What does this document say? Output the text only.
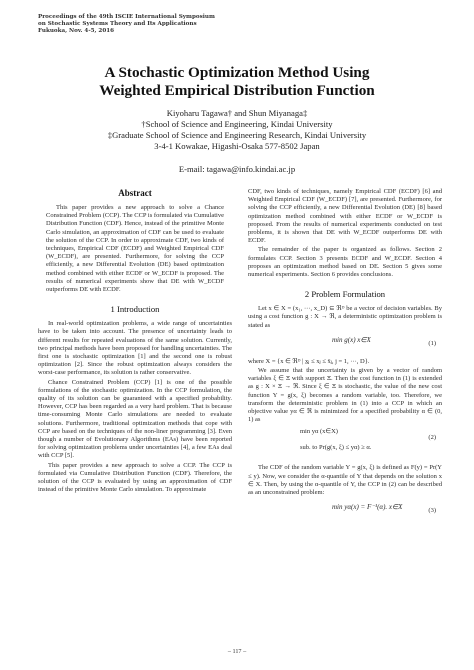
Proceedings of the 49th ISCIE International Symposium
on Stochastic Systems Theory and Its Applications
Fukuoka, Nov. 4-5, 2016
A Stochastic Optimization Method Using
Weighted Empirical Distribution Function
Kiyoharu Tagawa† and Shun Miyanaga‡
†School of Science and Engineering, Kindai University
‡Graduate School of Science and Engineering Research, Kindai University
3-4-1 Kowakae, Higashi-Osaka 577-8502 Japan
E-mail: tagawa@info.kindai.ac.jp
Abstract
This paper provides a new approach to solve a Chance Constrained Problem (CCP). The CCP is formulated via Cumulative Distribution Function (CDF). Hence, instead of the primitive Monte Carlo simulation, an approximation of CDF can be used to evaluate the solution of the CCP. In order to approximate CDF, two kinds of techniques, Empirical CDF (ECDF) and Weighted Empirical CDF (W_ECDF), are presented. Furthermore, for solving the CCP efficiently, a new Differential Evolution (DE) based optimization method combined with either ECDF or W_ECDF is proposed. The results of numerical experiments show that DE with W_ECDF outperforms DE with ECDF.
1 Introduction
In real-world optimization problems, a wide range of uncertainties have to be taken into account. The presence of uncertainty leads to different results for repeated evaluations of the same solution. Currently, two principal methods have been proposed for handling uncertainties. The first one is stochastic optimization [1] and the second one is robust optimization [2]. Since the robust optimization always considers the worst-case performance, its solution is rather conservative.
Chance Constrained Problem (CCP) [1] is one of the possible formulations of the stochastic optimization. In the CCP formulation, the quality of its solution can be guaranteed with a specified probability. However, CCP has been regarded as a very hard problem. That is because time-consuming Monte Carlo simulations are needed to evaluate solutions. Furthermore, traditional optimization methods that cope with CCP are based on the techniques of the non-liner programming [3]. Even though a number of Evolutionary Algorithms (EAs) have been reported for solving optimization problems under uncertainties [4], a few EAs deal with CCP [5].
This paper provides a new approach to solve a CCP. The CCP is formulated via Cumulative Distribution Function (CDF). Therefore, the solution of the CCP is evaluated by using an approximation of CDF instead of the primitive Monte Carlo simulation. To approximate
CDF, two kinds of techniques, namely Empirical CDF (ECDF) [6] and Weighted Empirical CDF (W_ECDF) [7], are presented. Furthermore, for solving the CCP efficiently, a new Differential Evolution (DE) [8] based optimization method combined with either ECDF or W_ECDF is proposed. From the results of numerical experiments conducted on test problems, it is shown that DE with W_ECDF outperforms DE with ECDF.
The remainder of the paper is organized as follows. Section 2 formulates CCP. Section 3 presents ECDF and W_ECDF. Section 4 proposes an optimization method based on DE. Section 5 gives some numerical experiments. Section 6 provides conclusions.
2 Problem Formulation
Let x ∈ X = (x₁, ···, x_D) ⊆ ℜᴰ be a vector of decision variables. By using a cost function g : X → ℜ, a deterministic optimization problem is stated as
min g(x) x∈X	(1)
where X = {x ∈ ℜᴰ | x̲ⱼ ≤ xⱼ ≤ x̄ⱼ, j = 1, ···, D}.
We assume that the uncertainty is given by a vector of random variables ξ ∈ Ξ with support Ξ. Then the cost function in (1) is extended as g : X × Ξ → ℜ. Since ξ ∈ Ξ is stochastic, the value of the new cost function Y = g(x, ξ) becomes a random variable, too. Therefore, we transform the deterministic problem in (1) into a CCP in which an objective value yα ∈ ℜ is minimized for a specified probability α ∈ (0, 1) as
min yα (x∈X)
sub. to Pr(g(x, ξ) ≤ yα) ≥ α.
(2)
The CDF of the random variable Y = g(x, ξ) is defined as F(y) = Pr(Y ≤ y). Now, we consider the α-quantile of Y that depends on the solution x ∈ X. Then, by using the α-quantile of Y, the CCP in (2) can be described as an unconstrained problem:
min yα(x) = F⁻¹(α). x∈X	(3)
– 117 –
